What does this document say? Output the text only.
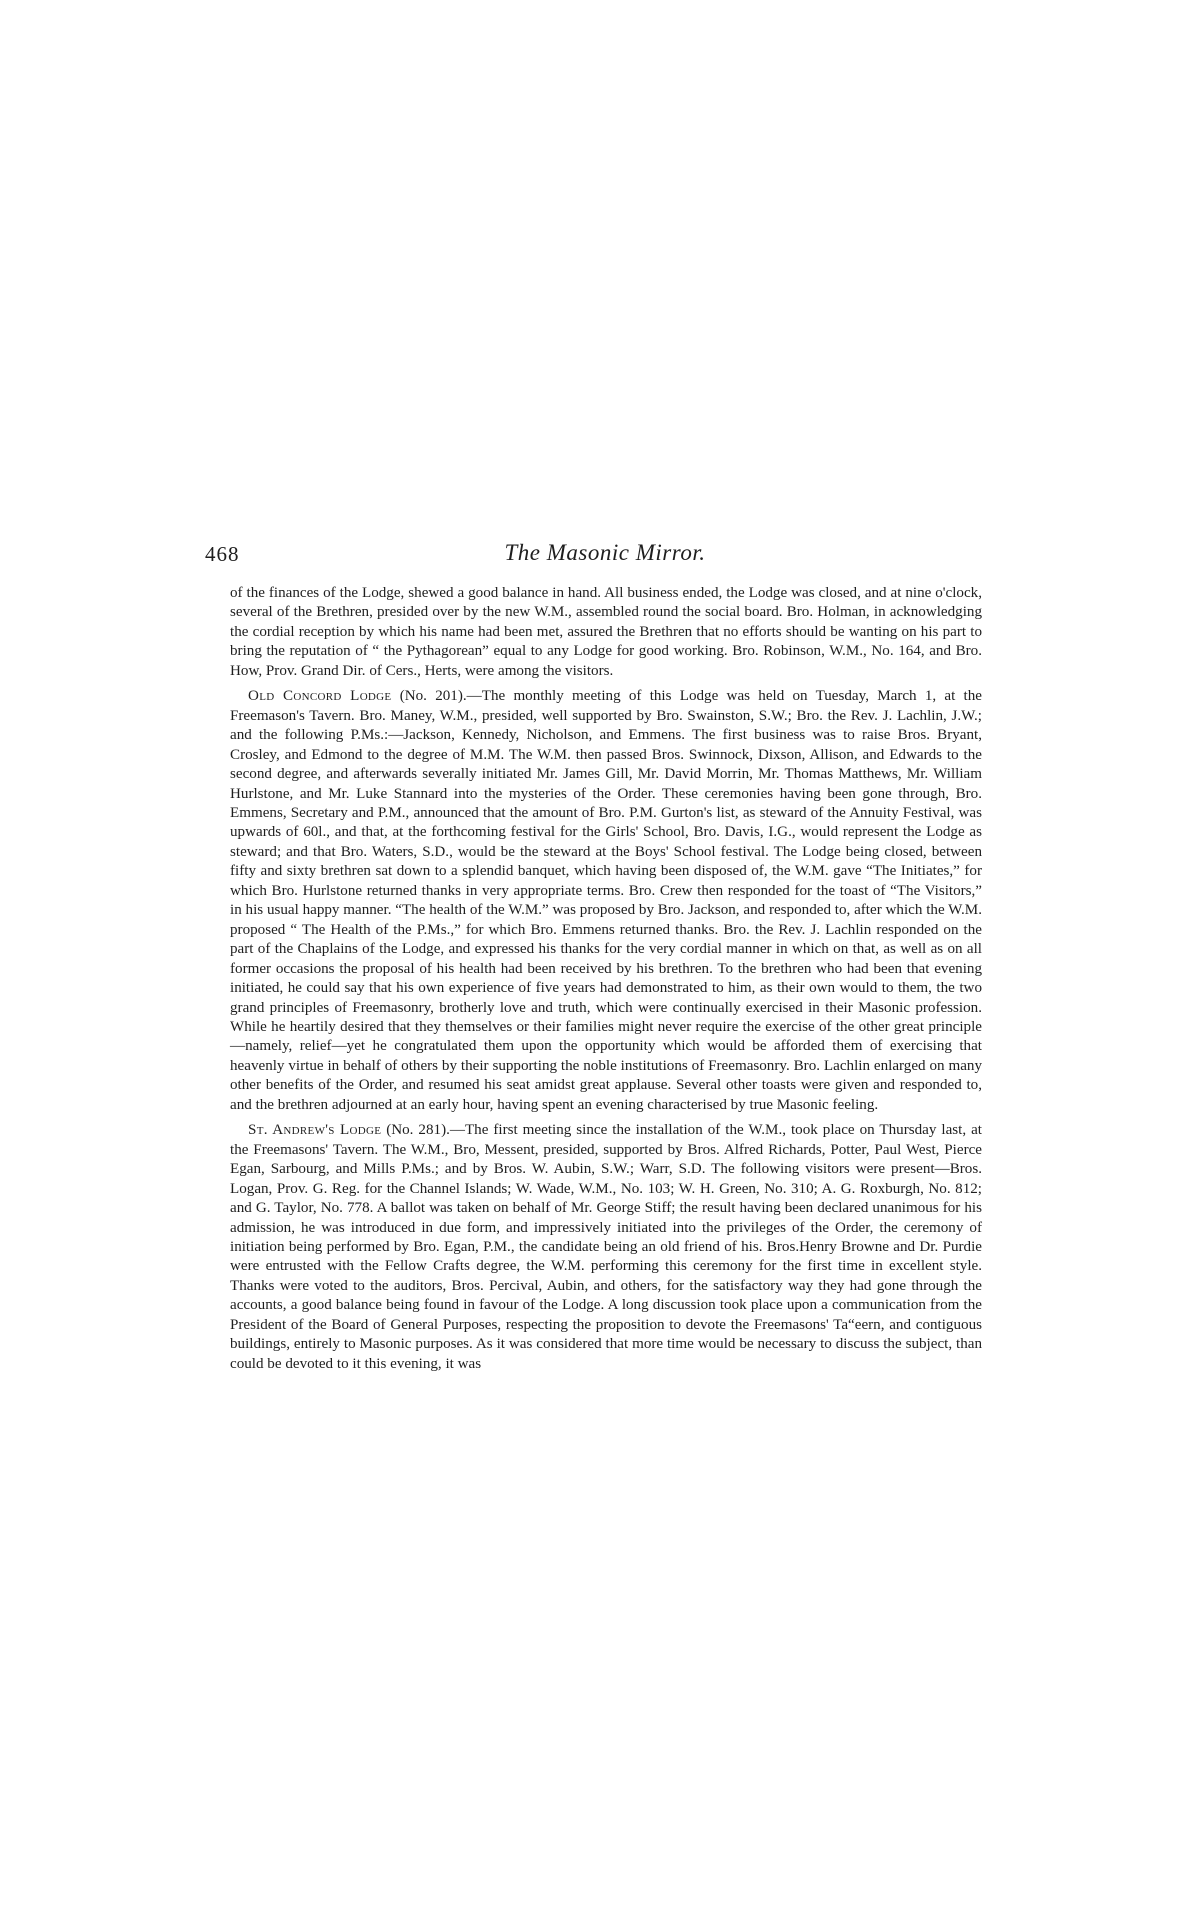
468	The Masonic Mirror.

of the finances of the Lodge, shewed a good balance in hand. All business ended, the Lodge was closed, and at nine o'clock, several of the Brethren, presided over by the new W.M., assembled round the social board. Bro. Holman, in acknowledging the cordial reception by which his name had been met, assured the Brethren that no efforts should be wanting on his part to bring the reputation of “ the Pythagorean” equal to any Lodge for good working. Bro. Robinson, W.M., No. 164, and Bro. How, Prov. Grand Dir. of Cers., Herts, were among the visitors.

Old Concord Lodge (No. 201).—The monthly meeting of this Lodge was held on Tuesday, March 1, at the Freemason's Tavern. Bro. Maney, W.M., presided, well supported by Bro. Swainston, S.W.; Bro. the Rev. J. Lachlin, J.W.; and the following P.Ms.:—Jackson, Kennedy, Nicholson, and Emmens. The first business was to raise Bros. Bryant, Crosley, and Edmond to the degree of M.M. The W.M. then passed Bros. Swinnock, Dixson, Allison, and Edwards to the second degree, and afterwards severally initiated Mr. James Gill, Mr. David Morrin, Mr. Thomas Matthews, Mr. William Hurlstone, and Mr. Luke Stannard into the mysteries of the Order. These ceremonies having been gone through, Bro. Emmens, Secretary and P.M., announced that the amount of Bro. P.M. Gurton's list, as steward of the Annuity Festival, was upwards of 60l., and that, at the forthcoming festival for the Girls' School, Bro. Davis, I.G., would represent the Lodge as steward; and that Bro. Waters, S.D., would be the steward at the Boys' School festival. The Lodge being closed, between fifty and sixty brethren sat down to a splendid banquet, which having been disposed of, the W.M. gave “The Initiates,” for which Bro. Hurlstone returned thanks in very appropriate terms. Bro. Crew then responded for the toast of “The Visitors,” in his usual happy manner. “The health of the W.M.” was proposed by Bro. Jackson, and responded to, after which the W.M. proposed “ The Health of the P.Ms.,” for which Bro. Emmens returned thanks. Bro. the Rev. J. Lachlin responded on the part of the Chaplains of the Lodge, and expressed his thanks for the very cordial manner in which on that, as well as on all former occasions the proposal of his health had been received by his brethren. To the brethren who had been that evening initiated, he could say that his own experience of five years had demonstrated to him, as their own would to them, the two grand principles of Freemasonry, brotherly love and truth, which were continually exercised in their Masonic profession. While he heartily desired that they themselves or their families might never require the exercise of the other great principle—namely, relief—yet he congratulated them upon the opportunity which would be afforded them of exercising that heavenly virtue in behalf of others by their supporting the noble institutions of Freemasonry. Bro. Lachlin enlarged on many other benefits of the Order, and resumed his seat amidst great applause. Several other toasts were given and responded to, and the brethren adjourned at an early hour, having spent an evening characterised by true Masonic feeling.

St. Andrew's Lodge (No. 281).—The first meeting since the installation of the W.M., took place on Thursday last, at the Freemasons' Tavern. The W.M., Bro, Messent, presided, supported by Bros. Alfred Richards, Potter, Paul West, Pierce Egan, Sarbourg, and Mills P.Ms.; and by Bros. W. Aubin, S.W.; Warr, S.D. The following visitors were present—Bros. Logan, Prov. G. Reg. for the Channel Islands; W. Wade, W.M., No. 103; W. H. Green, No. 310; A. G. Roxburgh, No. 812; and G. Taylor, No. 778. A ballot was taken on behalf of Mr. George Stiff; the result having been declared unanimous for his admission, he was introduced in due form, and impressively initiated into the privileges of the Order, the ceremony of initiation being performed by Bro. Egan, P.M., the candidate being an old friend of his. Bros.Henry Browne and Dr. Purdie were entrusted with the Fellow Crafts degree, the W.M. performing this ceremony for the first time in excellent style. Thanks were voted to the auditors, Bros. Percival, Aubin, and others, for the satisfactory way they had gone through the accounts, a good balance being found in favour of the Lodge. A long discussion took place upon a communication from the President of the Board of General Purposes, respecting the proposition to devote the Freemasons' Ta“eern, and contiguous buildings, entirely to Masonic purposes. As it was considered that more time would be necessary to discuss the subject, than could be devoted to it this evening, it was
